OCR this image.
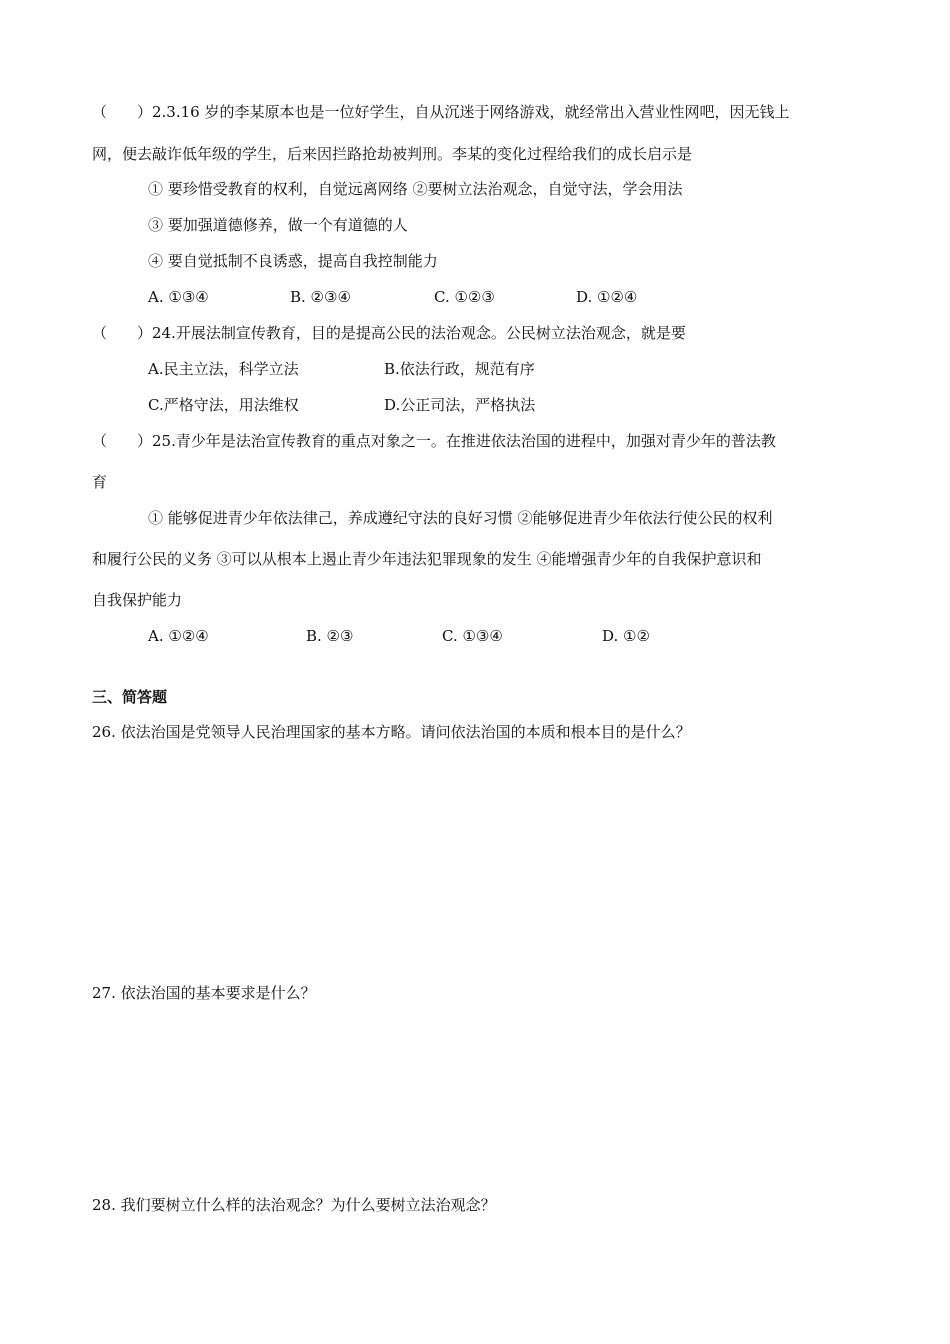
（　　）2.3.16 岁的李某原本也是一位好学生，自从沉迷于网络游戏，就经常出入营业性网吧，因无钱上
网，便去敲诈低年级的学生，后来因拦路抢劫被判刑。李某的变化过程给我们的成长启示是
① 要珍惜受教育的权利，自觉远离网络 ②要树立法治观念，自觉守法，学会用法
③ 要加强道德修养，做一个有道德的人
④ 要自觉抵制不良诱惑，提高自我控制能力
A. ①③④	B. ②③④	C. ①②③	D. ①②④
（　　）24.开展法制宣传教育，目的是提高公民的法治观念。公民树立法治观念，就是要
A.民主立法，科学立法	B.依法行政，规范有序
C.严格守法，用法维权	D.公正司法，严格执法
（　　）25.青少年是法治宣传教育的重点对象之一。在推进依法治国的进程中，加强对青少年的普法教
育
① 能够促进青少年依法律己，养成遵纪守法的良好习惯 ②能够促进青少年依法行使公民的权利
和履行公民的义务 ③可以从根本上遏止青少年违法犯罪现象的发生 ④能增强青少年的自我保护意识和
自我保护能力
A. ①②④	B. ②③	C. ①③④	D. ①②
三、简答题
26. 依法治国是党领导人民治理国家的基本方略。请问依法治国的本质和根本目的是什么？
27. 依法治国的基本要求是什么？
28. 我们要树立什么样的法治观念？为什么要树立法治观念？
